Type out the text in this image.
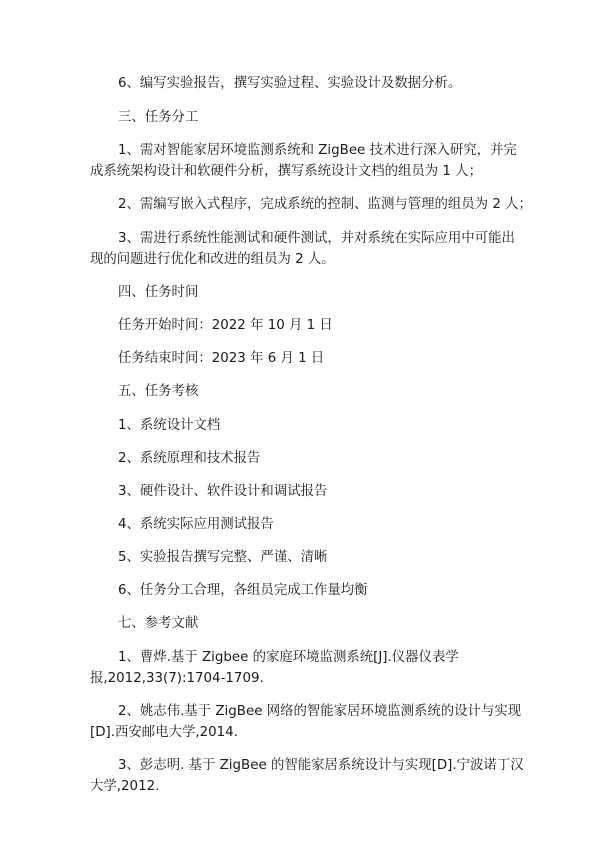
6、编写实验报告，撰写实验过程、实验设计及数据分析。
三、任务分工
1、需对智能家居环境监测系统和 ZigBee 技术进行深入研究，并完
成系统架构设计和软硬件分析，撰写系统设计文档的组员为 1 人；
2、需编写嵌入式程序，完成系统的控制、监测与管理的组员为 2 人；
3、需进行系统性能测试和硬件测试，并对系统在实际应用中可能出
现的问题进行优化和改进的组员为 2 人。
四、任务时间
任务开始时间：2022 年 10 月 1 日
任务结束时间：2023 年 6 月 1 日
五、任务考核
1、系统设计文档
2、系统原理和技术报告
3、硬件设计、软件设计和调试报告
4、系统实际应用测试报告
5、实验报告撰写完整、严谨、清晰
6、任务分工合理，各组员完成工作量均衡
七、参考文献
1、曹烨.基于 Zigbee 的家庭环境监测系统[J].仪器仪表学
报,2012,33(7):1704-1709.
2、姚志伟.基于 ZigBee 网络的智能家居环境监测系统的设计与实现
[D].西安邮电大学,2014.
3、彭志明. 基于 ZigBee 的智能家居系统设计与实现[D].宁波诺丁汉
大学,2012.
